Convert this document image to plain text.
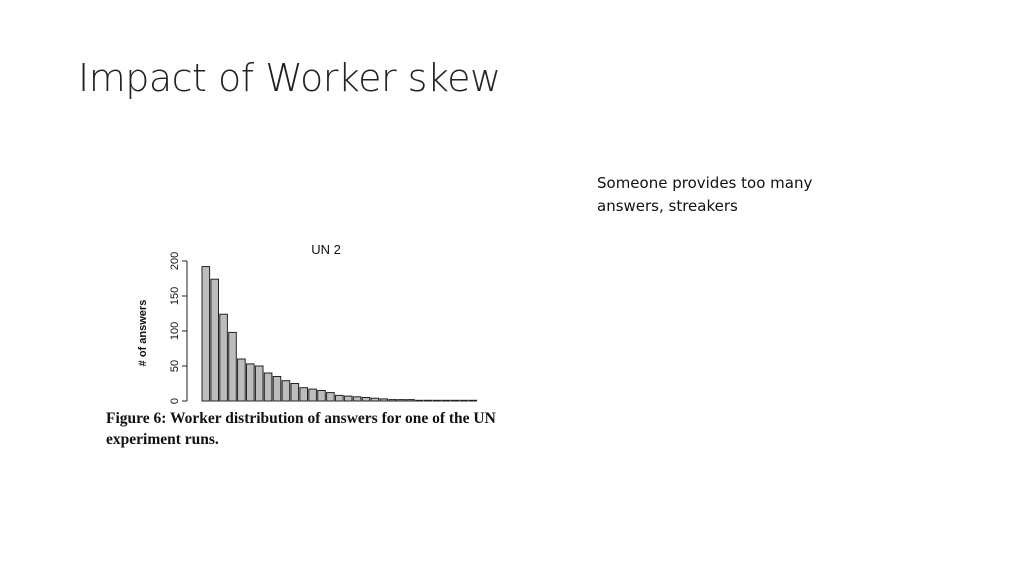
Impact of Worker skew
Someone provides too many answers, streakers
UN 2
0
50
100
150
200
# of answers
Figure 6: Worker distribution of answers for one of the UN experiment runs.
